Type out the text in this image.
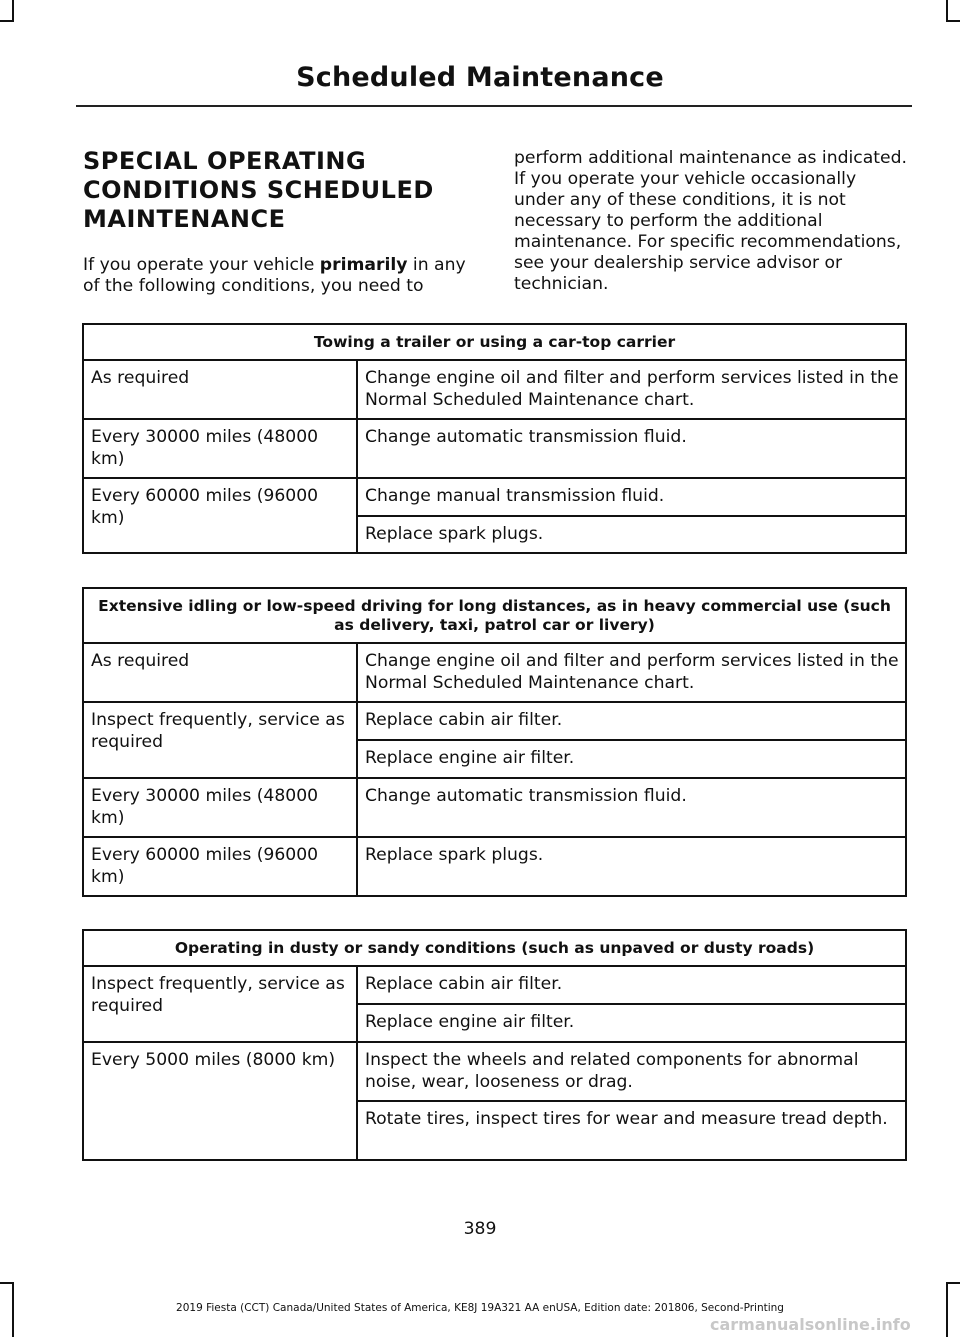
Scheduled Maintenance
SPECIAL OPERATING CONDITIONS SCHEDULED MAINTENANCE

If you operate your vehicle primarily in any of the following conditions, you need to

perform additional maintenance as indicated. If you operate your vehicle occasionally under any of these conditions, it is not necessary to perform the additional maintenance. For specific recommendations, see your dealership service advisor or technician.

Towing a trailer or using a car-top carrier	
As required	Change engine oil and filter and perform services listed in the Normal Scheduled Maintenance chart.
Every 30000 miles (48000 km)	Change automatic transmission fluid.
Every 60000 miles (96000 km)	Change manual transmission fluid.
	Replace spark plugs.
Extensive idling or low-speed driving for long distances, as in heavy commercial use (such as delivery, taxi, patrol car or livery)	
As required	Change engine oil and filter and perform services listed in the Normal Scheduled Maintenance chart.
Inspect frequently, service as required	Replace cabin air filter.
	Replace engine air filter.
Every 30000 miles (48000 km)	Change automatic transmission fluid.
Every 60000 miles (96000 km)	Replace spark plugs.
Operating in dusty or sandy conditions (such as unpaved or dusty roads)	
Inspect frequently, service as required	Replace cabin air filter.
	Replace engine air filter.
Every 5000 miles (8000 km)	Inspect the wheels and related components for abnormal noise, wear, looseness or drag.
	Rotate tires, inspect tires for wear and measure tread depth.

389

2019 Fiesta (CCT) Canada/United States of America, KE8J 19A321 AA enUSA, Edition date: 201806, Second-Printing

carmanualsonline.info
